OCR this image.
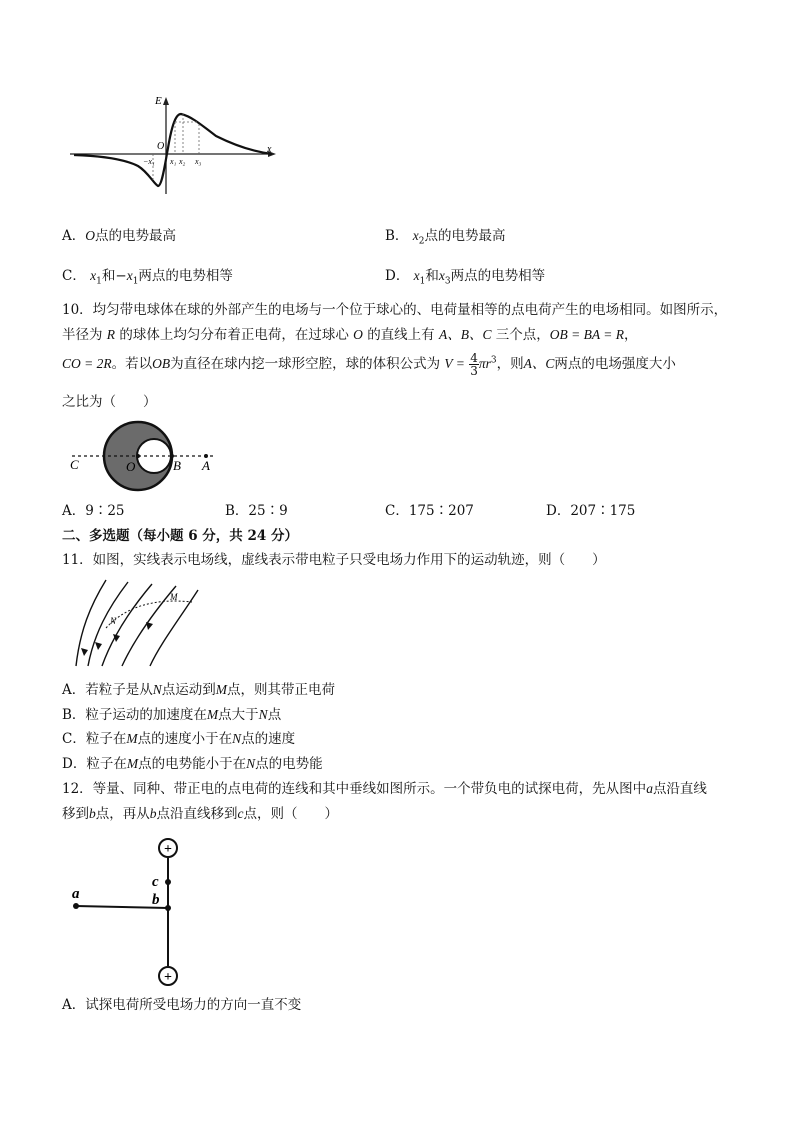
E
x
O
−x₁ x₁ x₂ x₃
A．O点的电势最高	B． $x_2$点的电势最高
C． $x_1$和$-x_1$两点的电势相等	D． $x_1$和$x_3$两点的电势相等
10．均匀带电球体在球的外部产生的电场与一个位于球心的、电荷量相等的点电荷产生的电场相同。如图所示，
半径为 R 的球体上均匀分布着正电荷，在过球心 O 的直线上有 A、B、C 三个点，OB = BA = R，
CO = 2R。若以OB为直径在球内挖一球形空腔，球的体积公式为 $V = \frac{4}{3} \pi r^3$，则A、C两点的电场强度大小
之比为（　　）
C	O	B A
A．9∶25	B．25∶9	C．175∶207	D．207∶175
二、多选题（每小题 6 分，共 24 分）
11．如图，实线表示电场线，虚线表示带电粒子只受电场力作用下的运动轨迹，则（　　）
N
M
A．若粒子是从N点运动到M点，则其带正电荷
B．粒子运动的加速度在M点大于N点
C．粒子在M点的速度小于在N点的速度
D．粒子在M点的电势能小于在N点的电势能
12．等量、同种、带正电的点电荷的连线和其中垂线如图所示。一个带负电的试探电荷，先从图中a点沿直线
移到b点，再从b点沿直线移到c点，则（　　）
+
+
a
c
b
A．试探电荷所受电场力的方向一直不变
